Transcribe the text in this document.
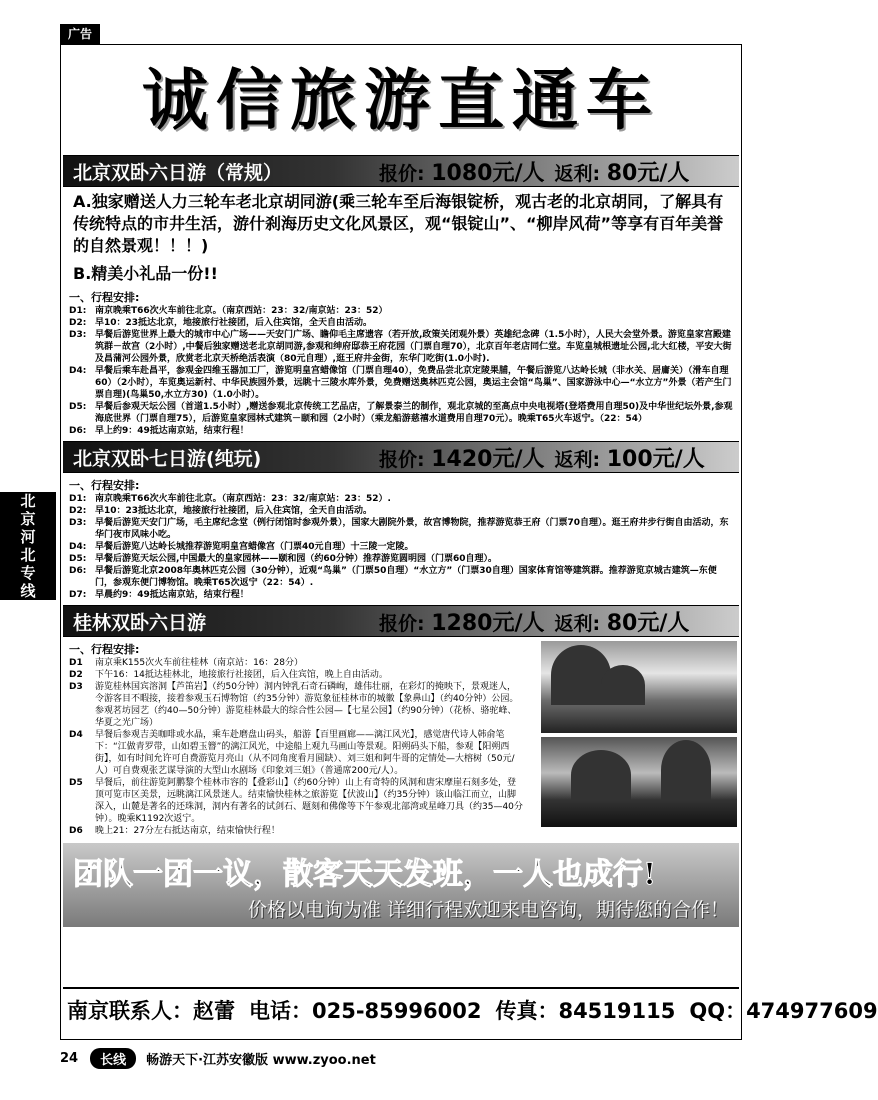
广告
北京河北专线
诚信旅游直通车
北京双卧六日游（常规）	报价: 1080元/人 返利: 80元/人
A.独家赠送人力三轮车老北京胡同游(乘三轮车至后海银锭桥，观古老的北京胡同，了解具有传统特点的市井生活，游什刹海历史文化风景区，观“银锭山”、“柳岸风荷”等享有百年美誉的自然景观！！！)
B.精美小礼品一份!!
一、行程安排:
D1: 南京晚乘T66次火车前往北京。（南京西站：23：32/南京站：23：52）
D2: 早10：23抵达北京，地接旅行社接团，后入住宾馆，全天自由活动。
D3: 早餐后游览世界上最大的城市中心广场——天安门广场、瞻仰毛主席遗容（若开放,政策关闭观外景）英雄纪念碑（1.5小时），人民大会堂外景。游览皇家宫殿建筑群－故宫（2小时）,中餐后独家赠送老北京胡同游,参观和绅府邸恭王府花园（门票自理70），北京百年老店同仁堂。车览皇城根遗址公园,北大红楼，平安大街及昌蒲河公园外景，欣赏老北京天桥绝活表演（80元自理）,逛王府井金街，东华门吃街(1.0小时).
D4: 早餐后乘车赴昌平，参观金四维玉器加工厂，游览明皇宫蜡像馆（门票自理40），免费品尝北京定陵果脯，午餐后游览八达岭长城（非水关、居庸关）（滑车自理60）（2小时），车览奥运新村、中华民族园外景，远眺十三陵水库外景，免费赠送奥林匹克公园，奥运主会馆“鸟巢”、国家游泳中心—“水立方”外景（若产生门票自理)(鸟巢50,水立方30)（1.0小时）。
D5: 早餐后参观天坛公园（首道1.5小时）,赠送参观北京传统工艺品店，了解景泰兰的制作，观北京城的至高点中央电视塔(登塔费用自理50)及中华世纪坛外景,参观海底世界（门票自理75），后游览皇家园林式建筑－颐和园（2小时）（乘龙船游慈禧水道费用自理70元）。晚乘T65火车返宁。（22：54）
D6: 早上约9：49抵达南京站，结束行程！
北京双卧七日游(纯玩)	报价: 1420元/人 返利: 100元/人
一、行程安排:
D1: 南京晚乘T66次火车前往北京。（南京西站：23：32/南京站：23：52）.
D2: 早10：23抵达北京，地接旅行社接团，后入住宾馆，全天自由活动。
D3: 早餐后游览天安门广场，毛主席纪念堂（例行闭馆时参观外景），国家大剧院外景，故宫博物院，推荐游览恭王府（门票70自理）。逛王府井步行街自由活动，东华门夜市风味小吃。
D4: 早餐后游览八达岭长城推荐游览明皇宫蜡像宫（门票40元自理）十三陵一定陵。
D5: 早餐后游览天坛公园,中国最大的皇家园林——颐和园（约60分钟）推荐游览圆明园（门票60自理）。
D6: 早餐后游览北京2008年奥林匹克公园（30分钟），近观“鸟巢”（门票50自理）“水立方”（门票30自理）国家体育馆等建筑群。推荐游览京城古建筑—东便门，参观东便门博物馆。晚乘T65次返宁（22：54）.
D7: 早晨约9：49抵达南京站，结束行程！
桂林双卧六日游	报价: 1280元/人 返利: 80元/人
一、行程安排:
D1	南京乘K155次火车前往桂林（南京站：16：28分）
D2	下午16：14抵达桂林北，地接旅行社接团，后入住宾馆，晚上自由活动。
D3	游览桂林国宾溶洞【芦笛岩】（约50分钟）洞内钟乳石奇石磷峋，雄伟壮丽，在彩灯的掩映下，景观迷人，令游客目不暇接，接着参观玉石博物馆（约35分钟）游览象征桂林市的城徽【象鼻山】（约40分钟）公园。参观茗坊园艺（约40—50分钟）游览桂林最大的综合性公园—【七星公园】（约90分钟）（花桥、骆驼峰、华夏之光广场）
D4	早餐后参观吉美咖啡或水晶，乘车赴磨盘山码头，船游【百里画廊——漓江风光】，感觉唐代诗人韩俞笔下：“江做青罗带，山如碧玉簪”的漓江风光，中途船上观九马画山等景观。阳朔码头下船，参观【阳朔西街】，如有时间允许可自费游览月亮山（从不同角度看月圆缺）、刘三姐和阿牛哥的定情处—大榕树（50元/人）可自费观张艺谋导演的大型山水剧场《印象刘三姐》（普通席200元/人）。
D5	早餐后，前往游览阿鹏黎个桂林市容的【叠彩山】（约60分钟）山上有奇特的风洞和唐宋摩崖石刻多处，登顶可览市区美景，远眺漓江风景迷人。结束愉快桂林之旅游览【伏波山】（约35分钟）该山临江而立，山脚深入，山麓是著名的还珠洞，洞内有著名的试剑石、题刻和佛像等下午参观北部湾或星峰刀具（约35—40分钟）。晚乘K1192次返宁。
D6	晚上21：27分左右抵达南京，结束愉快行程！
团队一团一议，散客天天发班，一人也成行!
价格以电询为准 详细行程欢迎来电咨询，期待您的合作！
南京联系人：赵蕾 电话：025-85996002 传真：84519115 QQ：474977609
24	长线	畅游天下·江苏安徽版 www.zyoo.net
